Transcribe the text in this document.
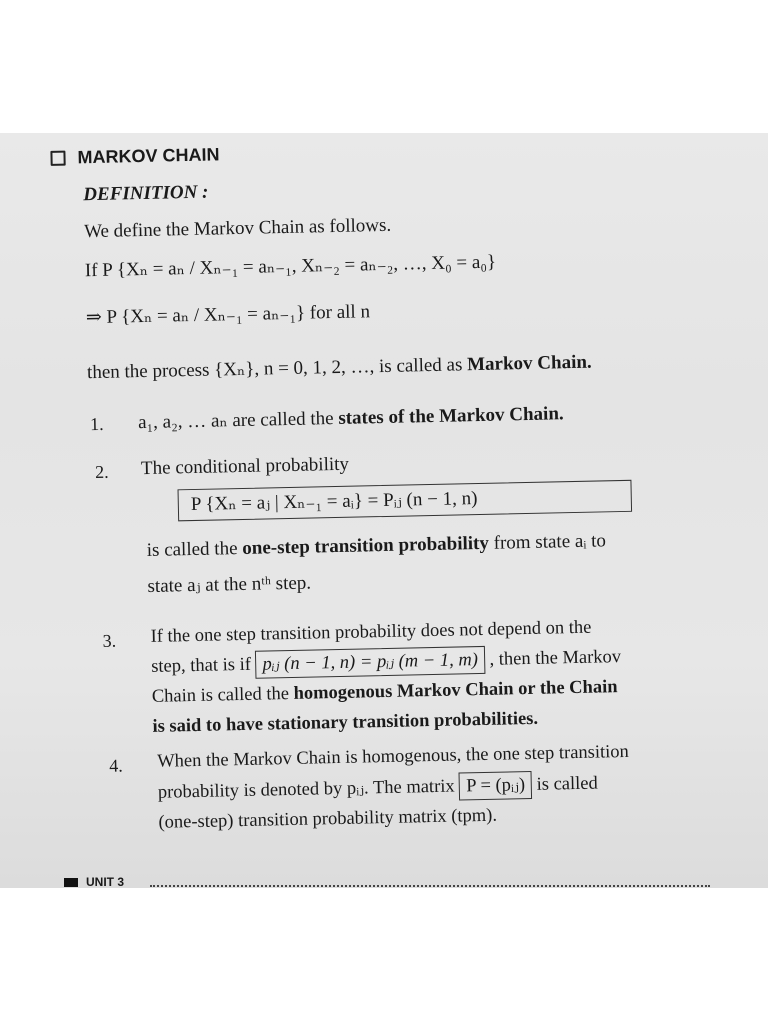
MARKOV CHAIN
DEFINITION :
We define the Markov Chain as follows.
If P {Xₙ = aₙ / Xₙ₋₁ = aₙ₋₁, Xₙ₋₂ = aₙ₋₂, …, X₀ = a₀}
⇒ P {Xₙ = aₙ / Xₙ₋₁ = aₙ₋₁} for all n
then the process {Xₙ}, n = 0, 1, 2, …, is called as Markov Chain.
1. a₁, a₂, … aₙ are called the states of the Markov Chain.
2. The conditional probability
P {Xₙ = aⱼ | Xₙ₋₁ = aᵢ} = Pᵢⱼ (n − 1, n)
is called the one-step transition probability from state aᵢ to
state aⱼ at the nᵗʰ step.
3. If the one step transition probability does not depend on the
step, that is if pᵢⱼ (n − 1, n) = pᵢⱼ (m − 1, m) , then the Markov
Chain is called the homogenous Markov Chain or the Chain
is said to have stationary transition probabilities.
4. When the Markov Chain is homogenous, the one step transition
probability is denoted by pᵢⱼ. The matrix P = (pᵢⱼ) is called
(one-step) transition probability matrix (tpm).
UNIT 3
